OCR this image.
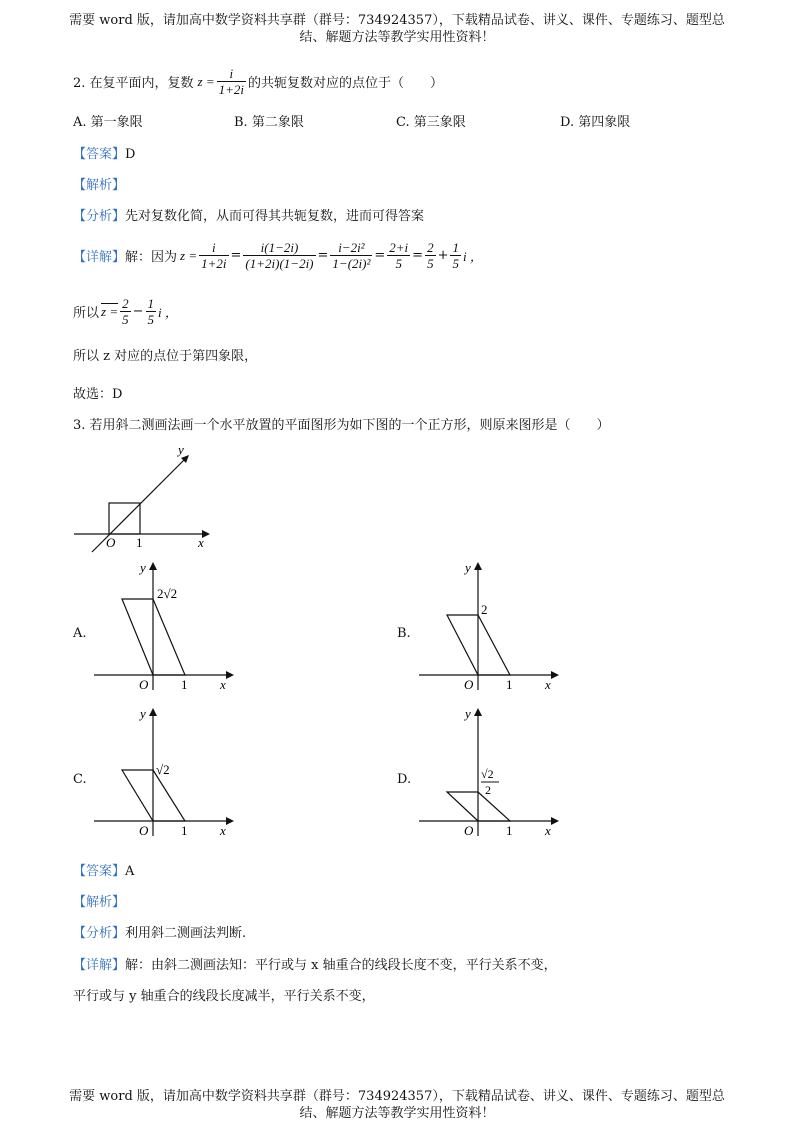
需要 word 版，请加高中数学资料共享群（群号：734924357），下载精品试卷、讲义、课件、专题练习、题型总
结、解题方法等教学实用性资料！
2. 在复平面内，复数 $z = \frac{i}{1+2i}$ 的共轭复数对应的点位于（　　）
A. 第一象限	B. 第二象限	C. 第三象限	D. 第四象限
【答案】D
【解析】
【分析】先对复数化简，从而可得其共轭复数，进而可得答案
【详解】 解：因为 $z = \frac{i}{1+2i} = \frac{i(1-2i)}{(1+2i)(1-2i)} = \frac{\text{i−2i²}}{\text{1−(2i)²}} = \frac{2+i}{5} = \frac{2}{5} + \frac{1}{5}$ i ，
所以 $z = \frac{2}{5} - \frac{1}{5}$ i ，
所以 z 对应的点位于第四象限，
故选：D
3. 若用斜二测画法画一个水平放置的平面图形为如下图的一个正方形，则原来图形是（　　）
y
O 1	x
A.
y
2√2
O	1	x
B.
y
2
O	1	x
C.
y
√2
O	1	x
D.
y
√2
2
O	1	x
【答案】A
【解析】
【分析】利用斜二测画法判断.
【详解】解：由斜二测画法知：平行或与 x 轴重合的线段长度不变，平行关系不变，
平行或与 y 轴重合的线段长度减半，平行关系不变，
需要 word 版，请加高中数学资料共享群（群号：734924357），下载精品试卷、讲义、课件、专题练习、题型总
结、解题方法等教学实用性资料！
